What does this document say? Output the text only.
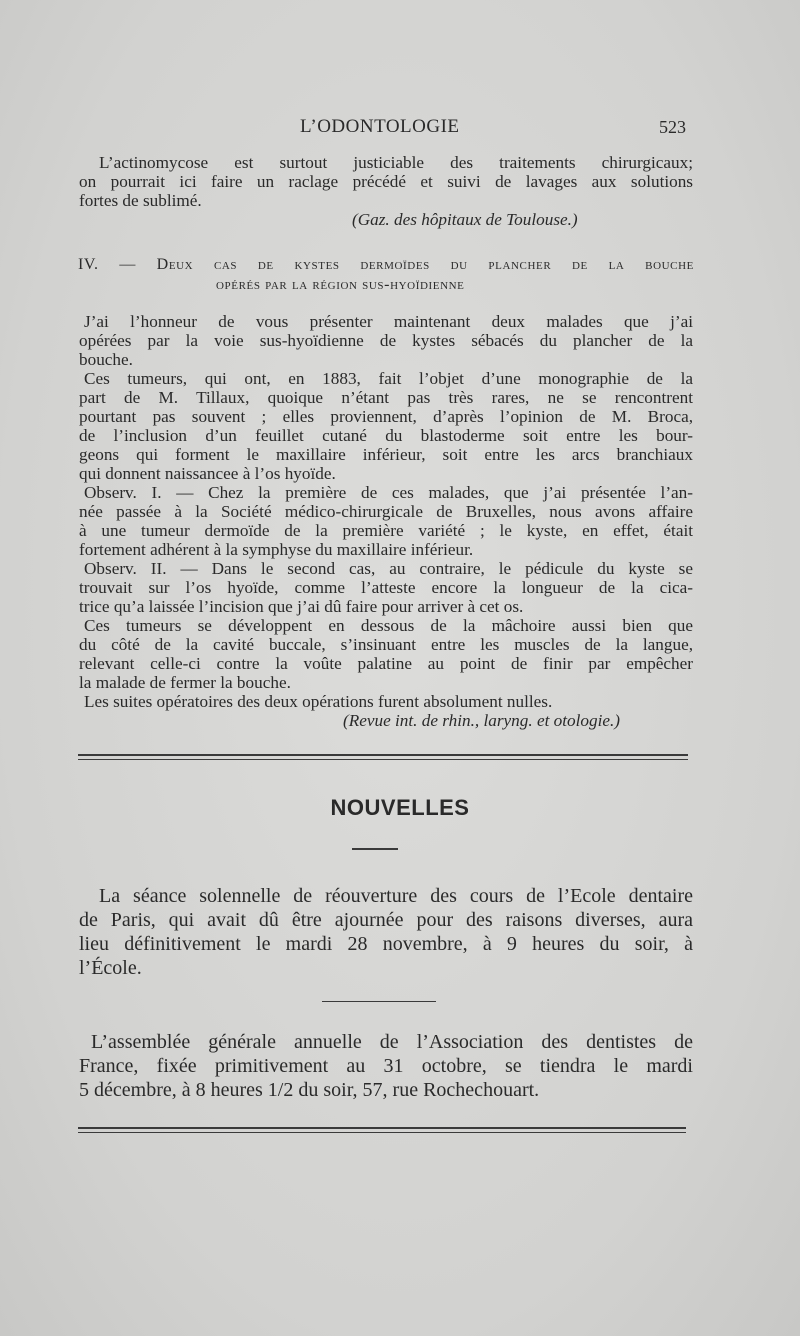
L’ODONTOLOGIE	523
L’actinomycose est surtout justiciable des traitements chirurgicaux;
on pourrait ici faire un raclage précédé et suivi de lavages aux solutions
fortes de sublimé.
(Gaz. des hôpitaux de Toulouse.)
IV. — Deux cas de kystes dermoïdes du plancher de la bouche
opérés par la région sus-hyoïdienne
J’ai l’honneur de vous présenter maintenant deux malades que j’ai
opérées par la voie sus-hyoïdienne de kystes sébacés du plancher de la
bouche.
Ces tumeurs, qui ont, en 1883, fait l’objet d’une monographie de la
part de M. Tillaux, quoique n’étant pas très rares, ne se rencontrent
pourtant pas souvent ; elles proviennent, d’après l’opinion de M. Broca,
de l’inclusion d’un feuillet cutané du blastoderme soit entre les bour-
geons qui forment le maxillaire inférieur, soit entre les arcs branchiaux
qui donnent naissancee à l’os hyoïde.
Observ. I. — Chez la première de ces malades, que j’ai présentée l’an-
née passée à la Société médico-chirurgicale de Bruxelles, nous avons affaire
à une tumeur dermoïde de la première variété ; le kyste, en effet, était
fortement adhérent à la symphyse du maxillaire inférieur.
Observ. II. — Dans le second cas, au contraire, le pédicule du kyste se
trouvait sur l’os hyoïde, comme l’atteste encore la longueur de la cica-
trice qu’a laissée l’incision que j’ai dû faire pour arriver à cet os.
Ces tumeurs se développent en dessous de la mâchoire aussi bien que
du côté de la cavité buccale, s’insinuant entre les muscles de la langue,
relevant celle-ci contre la voûte palatine au point de finir par empêcher
la malade de fermer la bouche.
Les suites opératoires des deux opérations furent absolument nulles.
(Revue int. de rhin., laryng. et otologie.)
NOUVELLES
La séance solennelle de réouverture des cours de l’Ecole dentaire
de Paris, qui avait dû être ajournée pour des raisons diverses, aura
lieu définitivement le mardi 28 novembre, à 9 heures du soir, à
l’École.
L’assemblée générale annuelle de l’Association des dentistes de
France, fixée primitivement au 31 octobre, se tiendra le mardi
5 décembre, à 8 heures 1/2 du soir, 57, rue Rochechouart.
